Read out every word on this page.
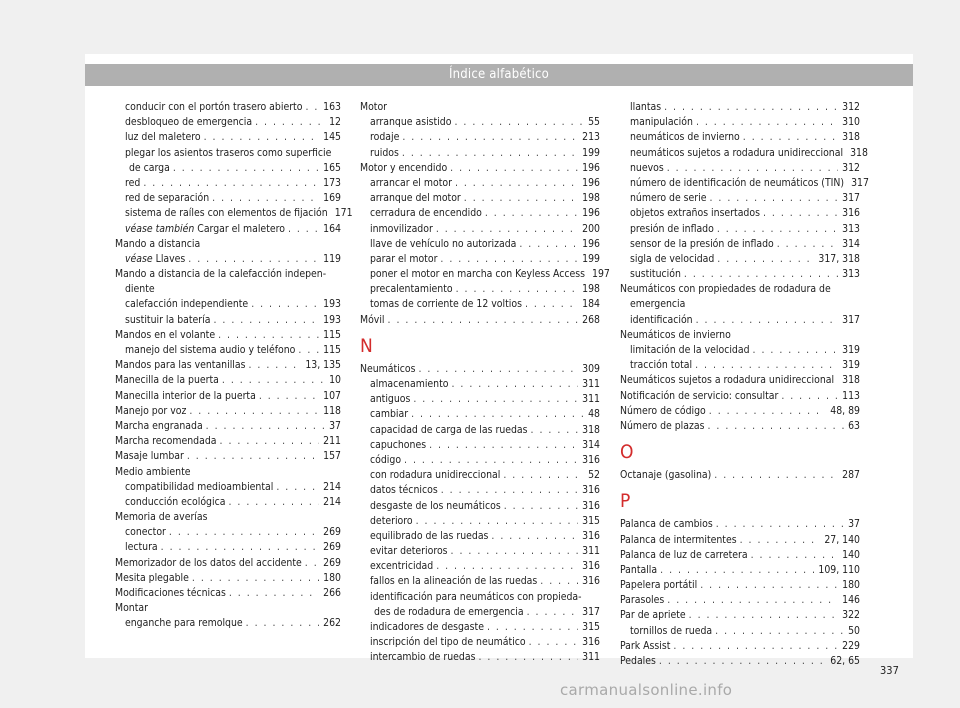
Índice alfabético
conducir con el portón trasero abierto . . .	163
desbloqueo de emergencia . . .	12
luz del maletero . . .	145
plegar los asientos traseros como superficie
de carga . . .	165
red . . .	173
red de separación . . .	169
sistema de raíles con elementos de fijación 171
véase también Cargar el maletero . . .	164
Mando a distancia
véase Llaves . . .	119
Mando a distancia de la calefacción indepen-
diente
calefacción independiente . . .	193
sustituir la batería . . .	193
Mandos en el volante . . .	115
manejo del sistema audio y teléfono . . .	115
Mandos para las ventanillas . . .	13, 135
Manecilla de la puerta . . .	10
Manecilla interior de la puerta . . .	107
Manejo por voz . . .	118
Marcha engranada . . .	37
Marcha recomendada . . .	211
Masaje lumbar . . .	157
Medio ambiente
compatibilidad medioambiental . . .	214
conducción ecológica . . .	214
Memoria de averías
conector . . .	269
lectura . . .	269
Memorizador de los datos del accidente . . .	269
Mesita plegable . . .	180
Modificaciones técnicas . . .	266
Montar
enganche para remolque . . .	262
Motor
arranque asistido . . .	55
rodaje . . .	213
ruidos . . .	199
Motor y encendido . . .	196
arrancar el motor . . .	196
arranque del motor . . .	198
cerradura de encendido . . .	196
inmovilizador . . .	200
llave de vehículo no autorizada . . .	196
parar el motor . . .	199
poner el motor en marcha con Keyless Access 197
precalentamiento . . .	198
tomas de corriente de 12 voltios . . .	184
Móvil . . .	268
N
Neumáticos . . .	309
almacenamiento . . .	311
antiguos . . .	311
cambiar . . .	48
capacidad de carga de las ruedas . . .	318
capuchones . . .	314
código . . .	316
con rodadura unidireccional . . .	52
datos técnicos . . .	316
desgaste de los neumáticos . . .	316
deterioro . . .	315
equilibrado de las ruedas . . .	316
evitar deterioros . . .	311
excentricidad . . .	316
fallos en la alineación de las ruedas . . .	316
identificación para neumáticos con propieda-
des de rodadura de emergencia . . .	317
indicadores de desgaste . . .	315
inscripción del tipo de neumático . . .	316
intercambio de ruedas . . .	311
llantas . . .	312
manipulación . . .	310
neumáticos de invierno . . .	318
neumáticos sujetos a rodadura unidireccional 318
nuevos . . .	312
número de identificación de neumáticos (TIN) 317
número de serie . . .	317
objetos extraños insertados . . .	316
presión de inflado . . .	313
sensor de la presión de inflado . . .	314
sigla de velocidad . . .	317, 318
sustitución . . .	313
Neumáticos con propiedades de rodadura de
emergencia
identificación . . .	317
Neumáticos de invierno
limitación de la velocidad . . .	319
tracción total . . .	319
Neumáticos sujetos a rodadura unidireccional . . . 318
Notificación de servicio: consultar . . .	113
Número de código . . .	48, 89
Número de plazas . . .	63
O
Octanaje (gasolina) . . .	287
P
Palanca de cambios . . .	37
Palanca de intermitentes . . .	27, 140
Palanca de luz de carretera . . .	140
Pantalla . . .	109, 110
Papelera portátil . . .	180
Parasoles . . .	146
Par de apriete . . .	322
tornillos de rueda . . .	50
Park Assist . . .	229
Pedales . . .	62, 65
337
carmanualsonline.info
